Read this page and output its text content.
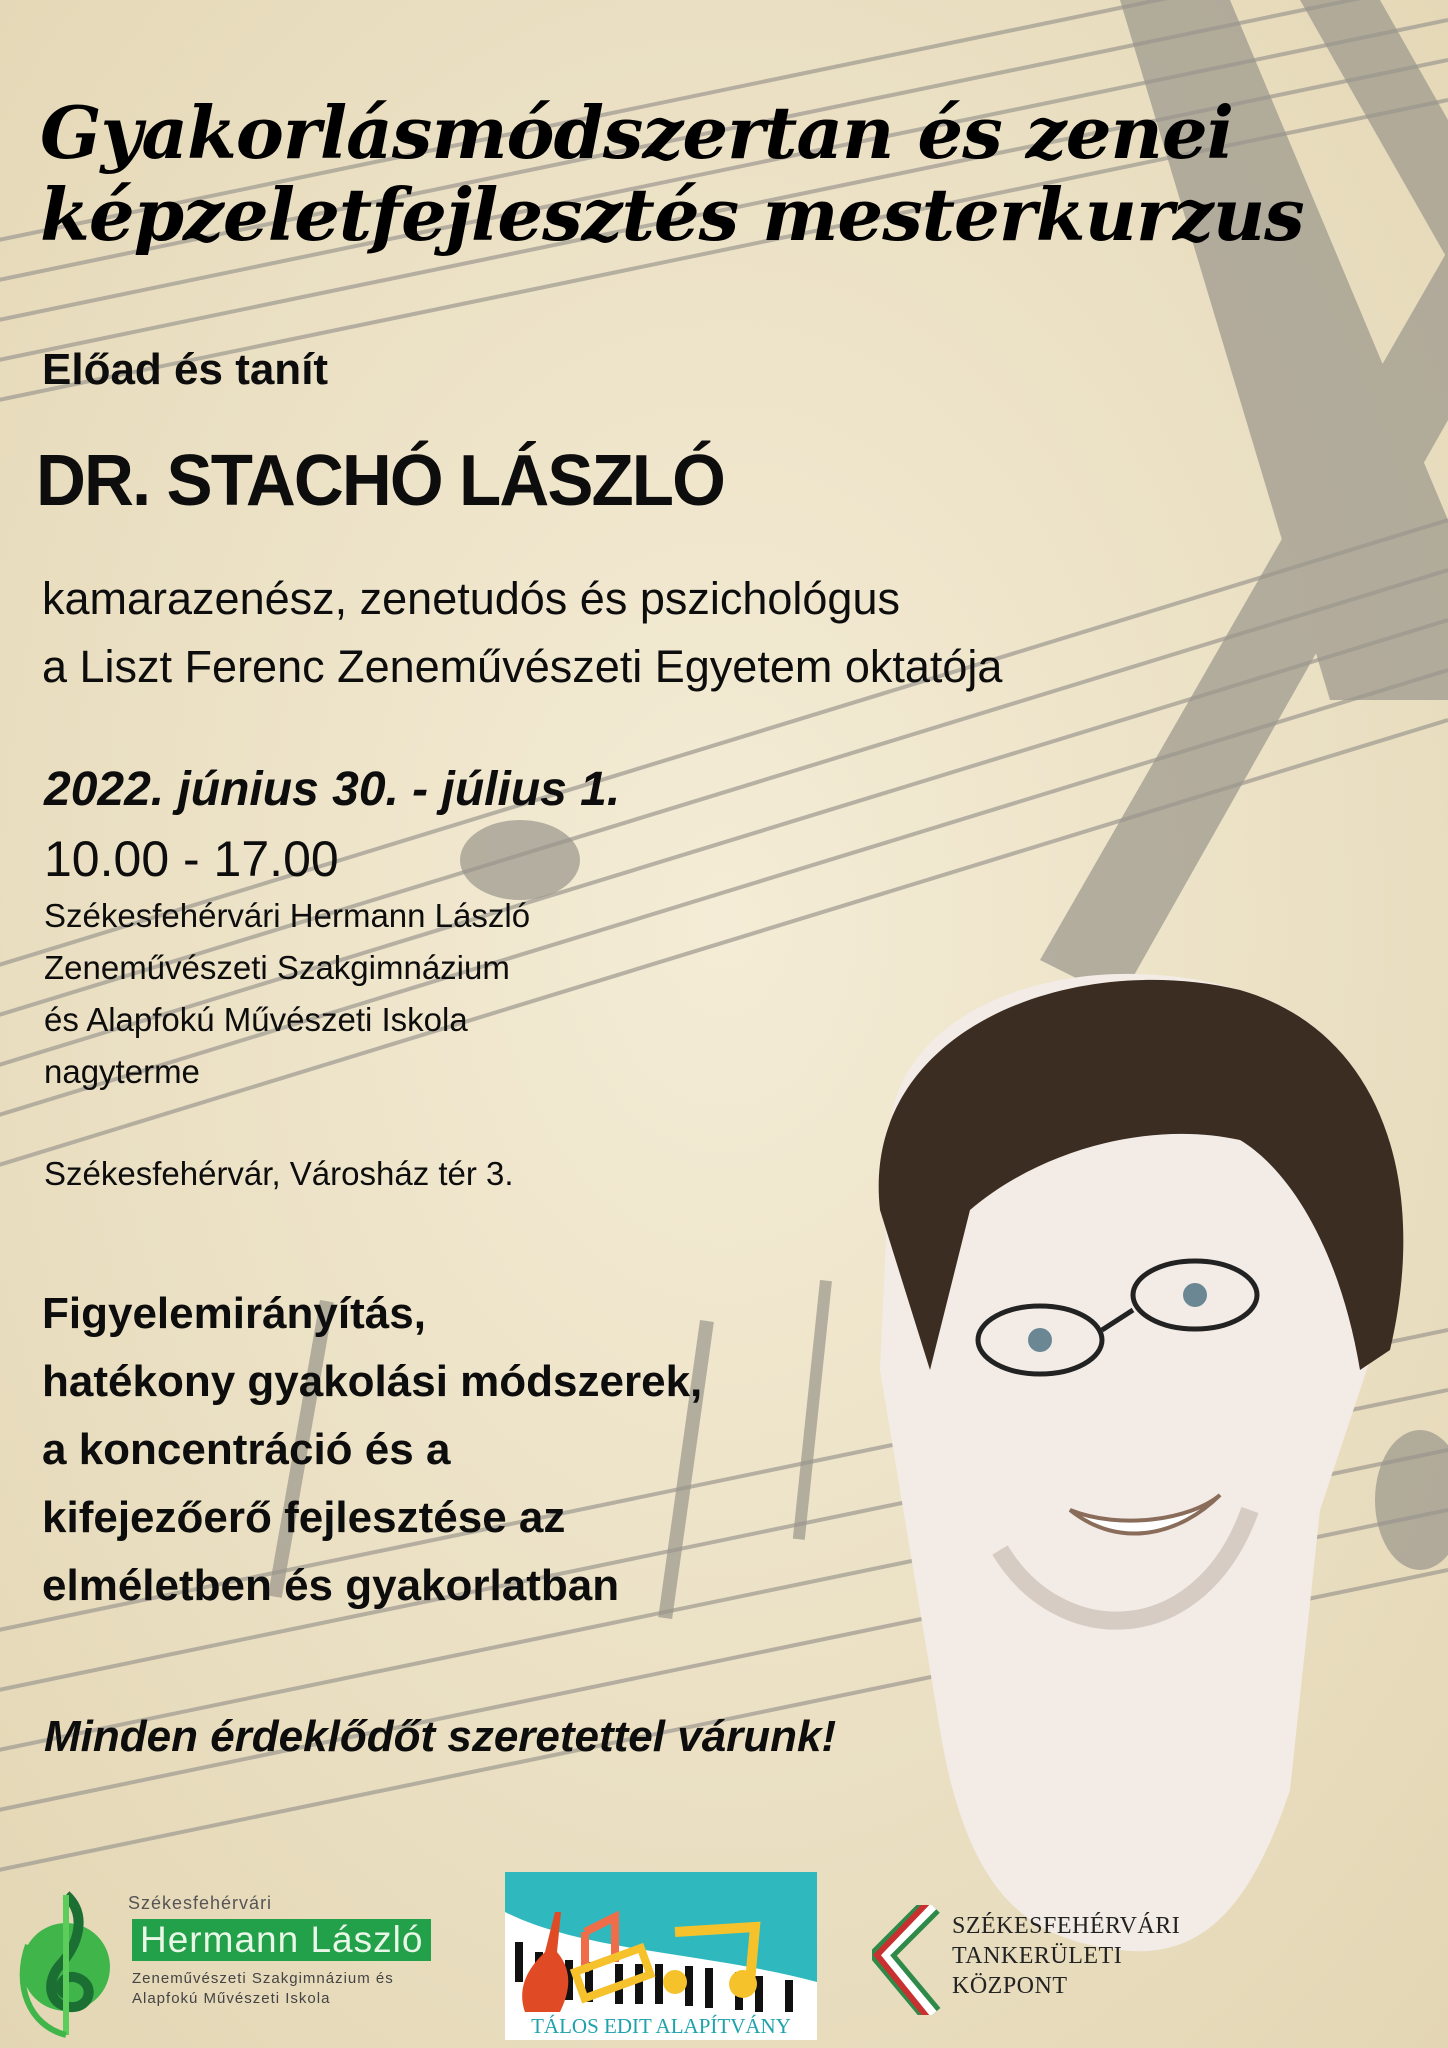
Gyakorlásmódszertan és zenei
képzeletfejlesztés mesterkurzus
Előad és tanít
DR. STACHÓ LÁSZLÓ
kamarazenész, zenetudós és pszichológus
a Liszt Ferenc Zeneművészeti Egyetem oktatója
2022. június 30. - július 1.
10.00 - 17.00
Székesfehérvári Hermann László
Zeneművészeti Szakgimnázium
és Alapfokú Művészeti Iskola
nagyterme
Székesfehérvár, Városház tér 3.
Figyelemirányítás,
hatékony gyakolási módszerek,
a koncentráció és a
kifejezőerő fejlesztése az
elméletben és gyakorlatban
Minden érdeklődőt szeretettel várunk!
Székesfehérvári
Hermann László
Zeneművészeti Szakgimnázium és
Alapfokú Művészeti Iskola
TÁLOS EDIT ALAPÍTVÁNY
SZÉKESFEHÉRVÁRI
TANKERÜLETI
KÖZPONT
